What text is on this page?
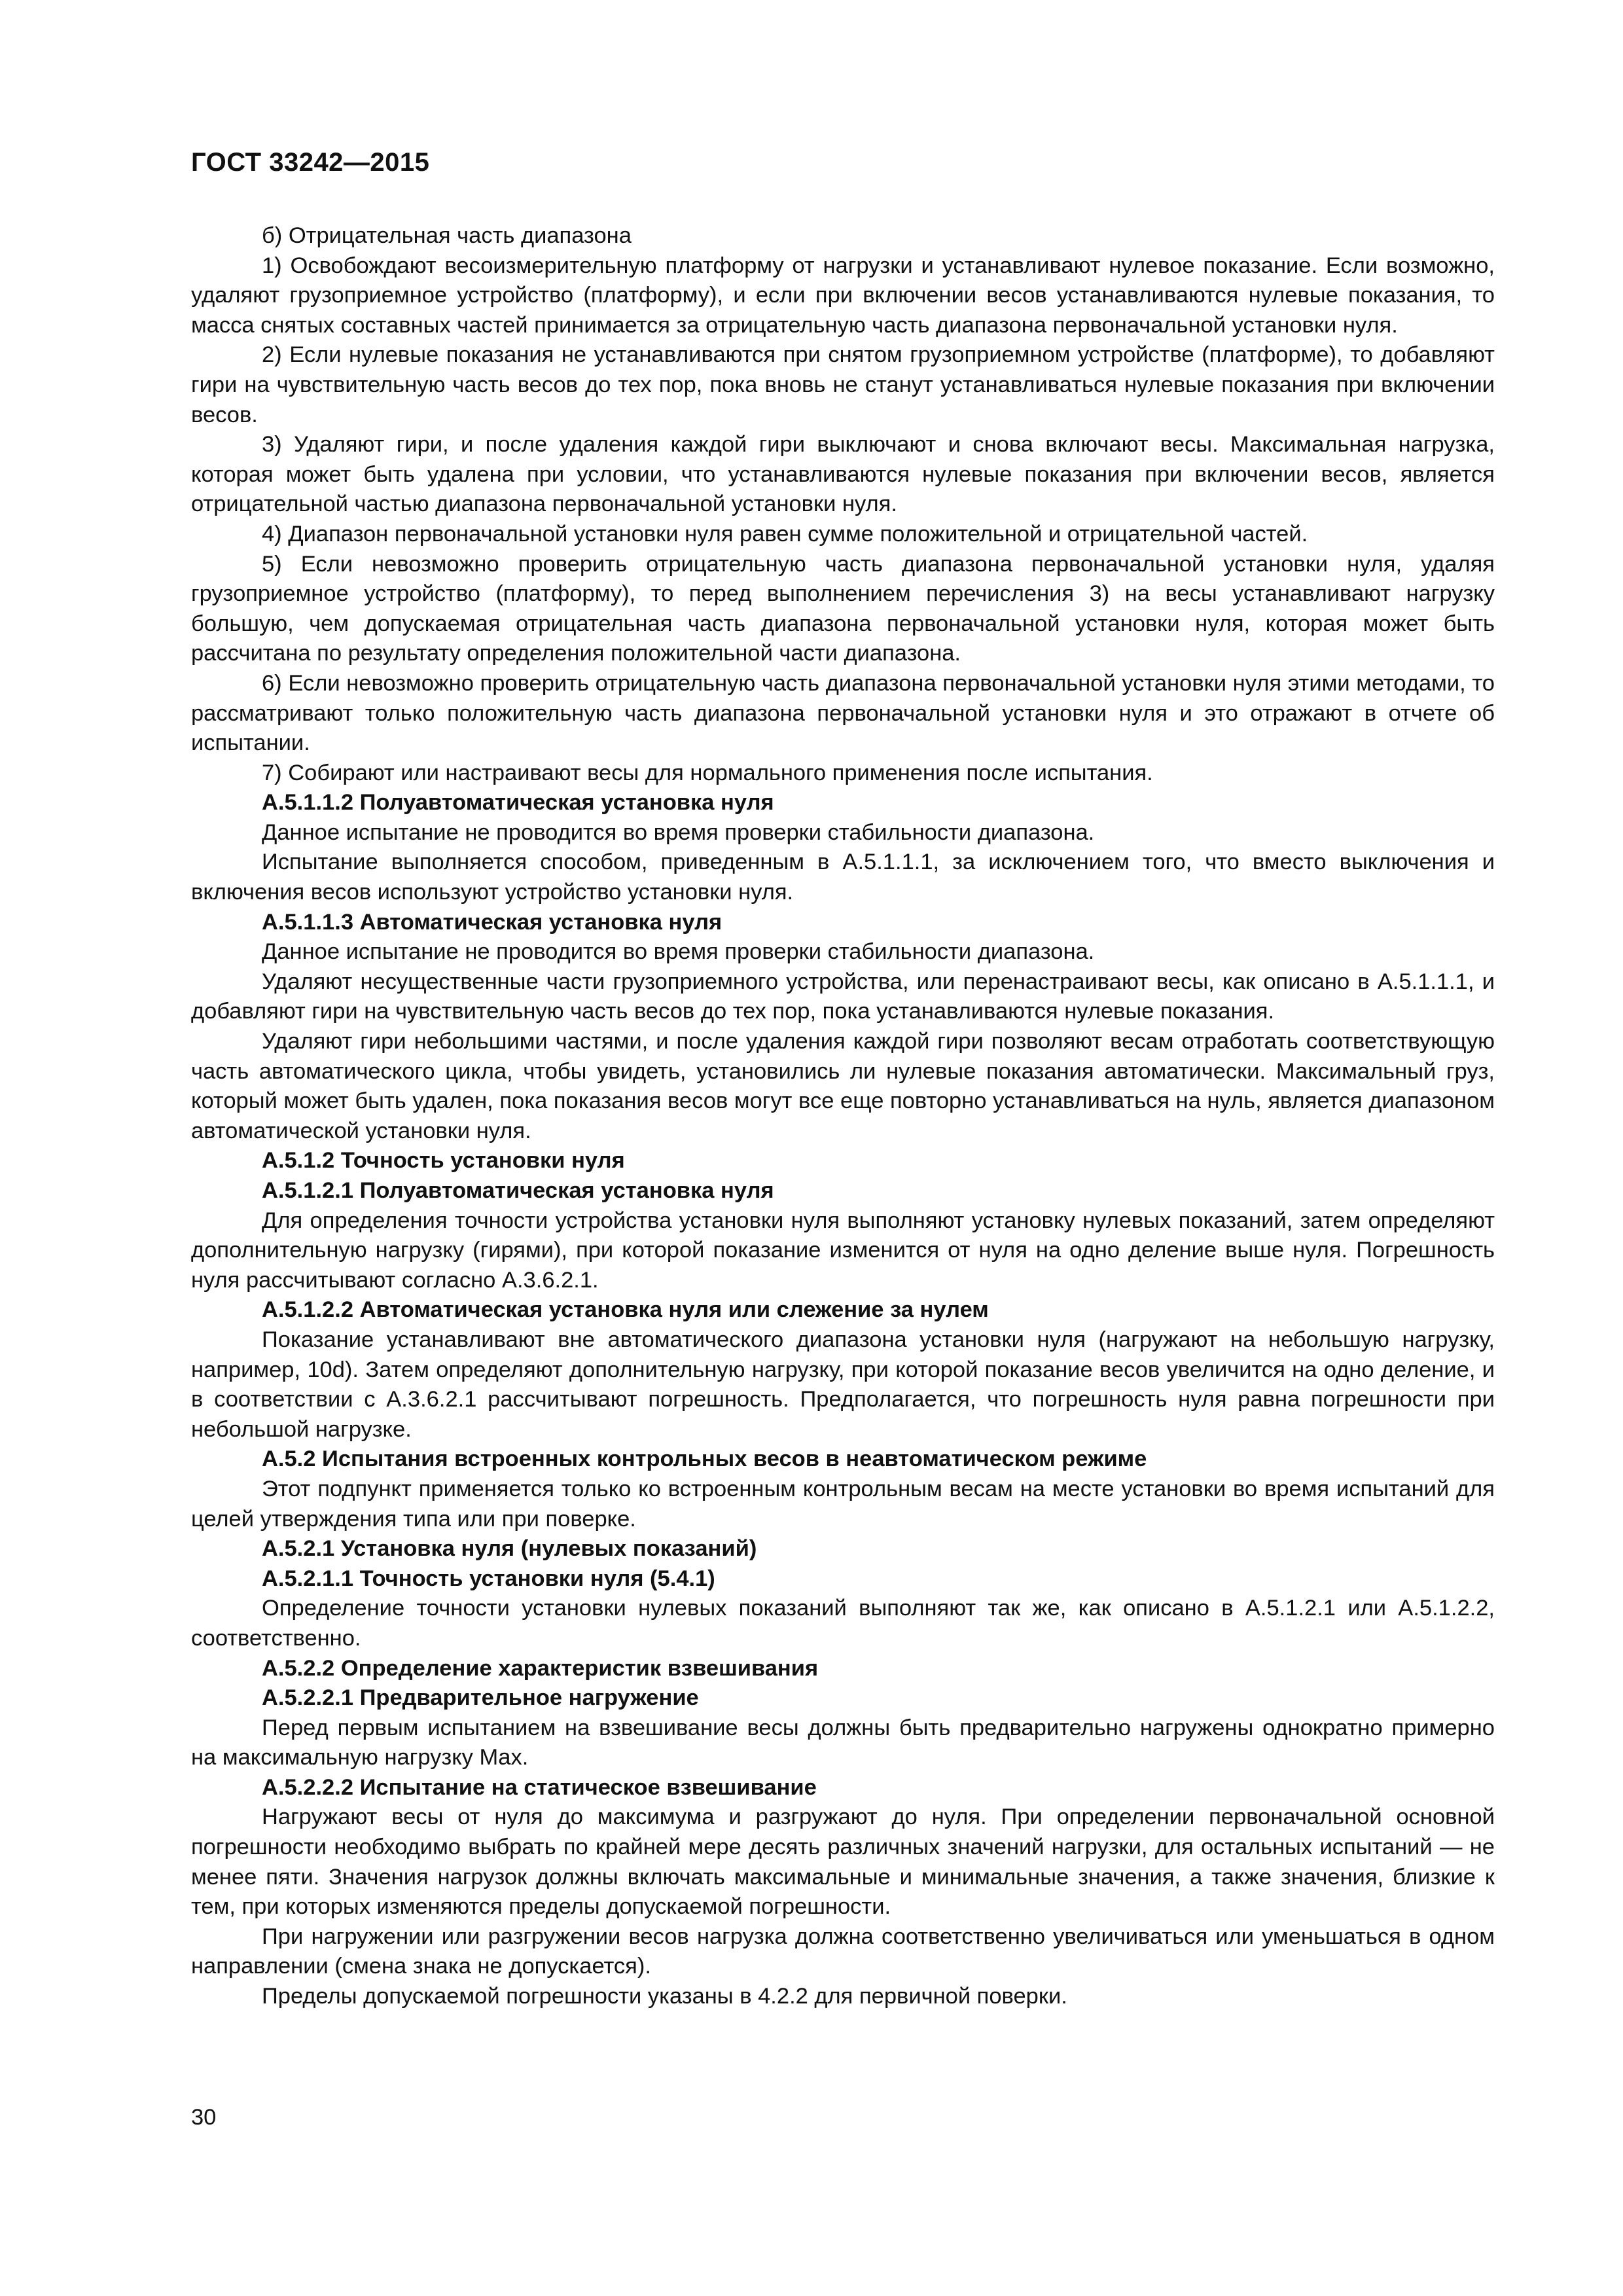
ГОСТ 33242—2015

б) Отрицательная часть диапазона

1) Освобождают весоизмерительную платформу от нагрузки и устанавливают нулевое показание. Если возможно, удаляют грузоприемное устройство (платформу), и если при включении весов устанавливаются нулевые показания, то масса снятых составных частей принимается за отрицательную часть диапазона первоначальной установки нуля.

2) Если нулевые показания не устанавливаются при снятом грузоприемном устройстве (платформе), то добавляют гири на чувствительную часть весов до тех пор, пока вновь не станут устанавливаться нулевые показания при включении весов.

3) Удаляют гири, и после удаления каждой гири выключают и снова включают весы. Максимальная нагрузка, которая может быть удалена при условии, что устанавливаются нулевые показания при включении весов, является отрицательной частью диапазона первоначальной установки нуля.

4) Диапазон первоначальной установки нуля равен сумме положительной и отрицательной частей.

5) Если невозможно проверить отрицательную часть диапазона первоначальной установки нуля, удаляя грузоприемное устройство (платформу), то перед выполнением перечисления 3) на весы устанавливают нагрузку большую, чем допускаемая отрицательная часть диапазона первоначальной установки нуля, которая может быть рассчитана по результату определения положительной части диапазона.

6) Если невозможно проверить отрицательную часть диапазона первоначальной установки нуля этими методами, то рассматривают только положительную часть диапазона первоначальной установки нуля и это отражают в отчете об испытании.

7) Собирают или настраивают весы для нормального применения после испытания.

А.5.1.1.2 Полуавтоматическая установка нуля

Данное испытание не проводится во время проверки стабильности диапазона.

Испытание выполняется способом, приведенным в А.5.1.1.1, за исключением того, что вместо выключения и включения весов используют устройство установки нуля.

А.5.1.1.3 Автоматическая установка нуля

Данное испытание не проводится во время проверки стабильности диапазона.

Удаляют несущественные части грузоприемного устройства, или перенастраивают весы, как описано в А.5.1.1.1, и добавляют гири на чувствительную часть весов до тех пор, пока устанавливаются нулевые показания.

Удаляют гири небольшими частями, и после удаления каждой гири позволяют весам отработать соответствующую часть автоматического цикла, чтобы увидеть, установились ли нулевые показания автоматически. Максимальный груз, который может быть удален, пока показания весов могут все еще повторно устанавливаться на нуль, является диапазоном автоматической установки нуля.

А.5.1.2 Точность установки нуля

А.5.1.2.1 Полуавтоматическая установка нуля

Для определения точности устройства установки нуля выполняют установку нулевых показаний, затем определяют дополнительную нагрузку (гирями), при которой показание изменится от нуля на одно деление выше нуля. Погрешность нуля рассчитывают согласно А.3.6.2.1.

А.5.1.2.2 Автоматическая установка нуля или слежение за нулем

Показание устанавливают вне автоматического диапазона установки нуля (нагружают на небольшую нагрузку, например, 10d). Затем определяют дополнительную нагрузку, при которой показание весов увеличится на одно деление, и в соответствии с А.3.6.2.1 рассчитывают погрешность. Предполагается, что погрешность нуля равна погрешности при небольшой нагрузке.

А.5.2 Испытания встроенных контрольных весов в неавтоматическом режиме

Этот подпункт применяется только ко встроенным контрольным весам на месте установки во время испытаний для целей утверждения типа или при поверке.

А.5.2.1 Установка нуля (нулевых показаний)

А.5.2.1.1 Точность установки нуля (5.4.1)

Определение точности установки нулевых показаний выполняют так же, как описано в А.5.1.2.1 или А.5.1.2.2, соответственно.

А.5.2.2 Определение характеристик взвешивания

А.5.2.2.1 Предварительное нагружение

Перед первым испытанием на взвешивание весы должны быть предварительно нагружены однократно примерно на максимальную нагрузку Max.

А.5.2.2.2 Испытание на статическое взвешивание

Нагружают весы от нуля до максимума и разгружают до нуля. При определении первоначальной основной погрешности необходимо выбрать по крайней мере десять различных значений нагрузки, для остальных испытаний — не менее пяти. Значения нагрузок должны включать максимальные и минимальные значения, а также значения, близкие к тем, при которых изменяются пределы допускаемой погрешности.

При нагружении или разгружении весов нагрузка должна соответственно увеличиваться или уменьшаться в одном направлении (смена знака не допускается).

Пределы допускаемой погрешности указаны в 4.2.2 для первичной поверки.

30
